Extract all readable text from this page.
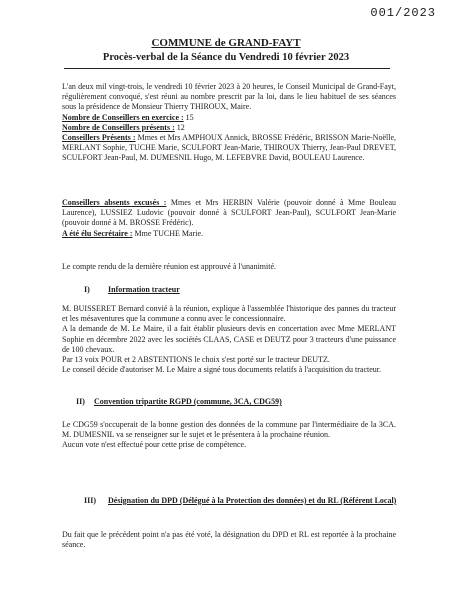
001/2023
COMMUNE de GRAND-FAYT
Procès-verbal de la Séance du Vendredi 10 février 2023

L'an deux mil vingt-trois, le vendredi 10 février 2023 à 20 heures, le Conseil Municipal de Grand-Fayt, régulièrement convoqué, s'est réuni au nombre prescrit par la loi, dans le lieu habituel de ses séances sous la présidence de Monsieur Thierry THIROUX, Maire.

Nombre de Conseillers en exercice : 15

Nombre de Conseillers présents : 12

Conseillers Présents : Mmes et Mrs AMPHOUX Annick, BROSSE Frédéric, BRISSON Marie-Noëlle, MERLANT Sophie, TUCHE Marie, SCULFORT Jean-Marie, THIROUX Thierry, Jean-Paul DREVET, SCULFORT Jean-Paul, M. DUMESNIL Hugo, M. LEFEBVRE David, BOULEAU Laurence.

Conseillers absents excusés : Mmes et Mrs HERBIN Valérie (pouvoir donné à Mme Bouleau Laurence), LUSSIEZ Ludovic (pouvoir donné à SCULFORT Jean-Paul), SCULFORT Jean-Marie (pouvoir donné à M. BROSSE Frédéric).

A été élu Secrétaire : Mme TUCHE Marie.

Le compte rendu de la dernière réunion est approuvé à l'unanimité.
I) Information tracteur

M. BUISSERET Bernard convié à la réunion, explique à l'assemblée l'historique des pannes du tracteur et les mésaventures que la commune a connu avec le concessionnaire.

A la demande de M. Le Maire, il a fait établir plusieurs devis en concertation avec Mme MERLANT Sophie en décembre 2022 avec les sociétés CLAAS, CASE et DEUTZ pour 3 tracteurs d'une puissance de 100 chevaux.

Par 13 voix POUR et 2 ABSTENTIONS le choix s'est porté sur le tracteur DEUTZ.

Le conseil décide d'autoriser M. Le Maire a signé tous documents relatifs à l'acquisition du tracteur.

II) Convention tripartite RGPD (commune, 3CA, CDG59)

Le CDG59 s'occuperait de la bonne gestion des données de la commune par l'intermédiaire de la 3CA. M. DUMESNIL va se renseigner sur le sujet et le présentera à la prochaine réunion.

Aucun vote n'est effectué pour cette prise de compétence.

III) Désignation du DPD (Délégué à la Protection des données) et du RL (Référent Local)

Du fait que le précédent point n'a pas été voté, la désignation du DPD et RL est reportée à la prochaine séance.
